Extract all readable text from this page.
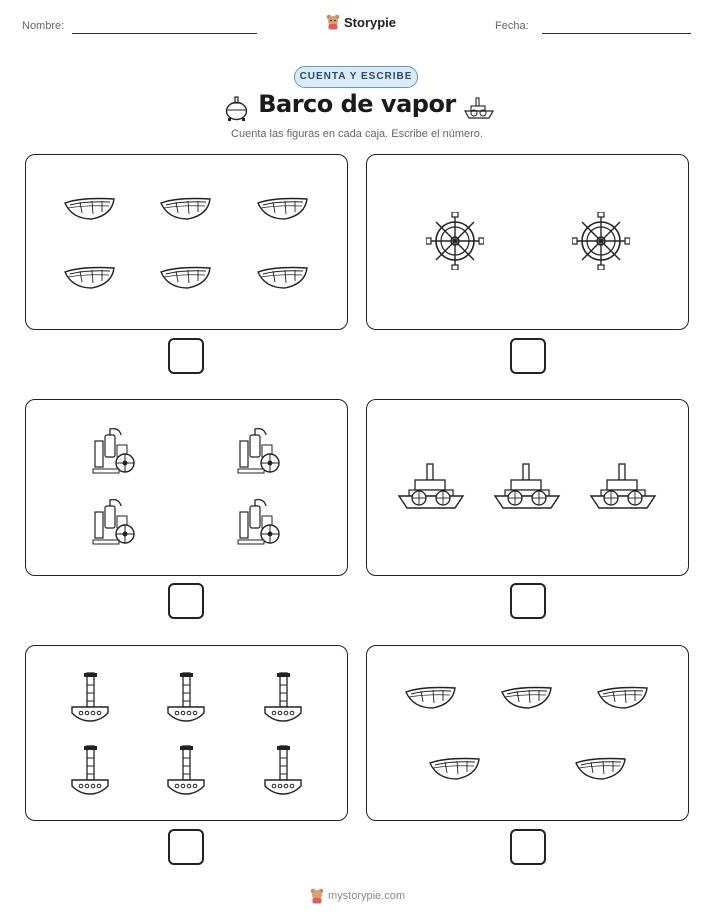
Nombre:	Storypie	Fecha:
CUENTA Y ESCRIBE
Barco de vapor
Cuenta las figuras en cada caja. Escribe el número.
mystorypie.com
